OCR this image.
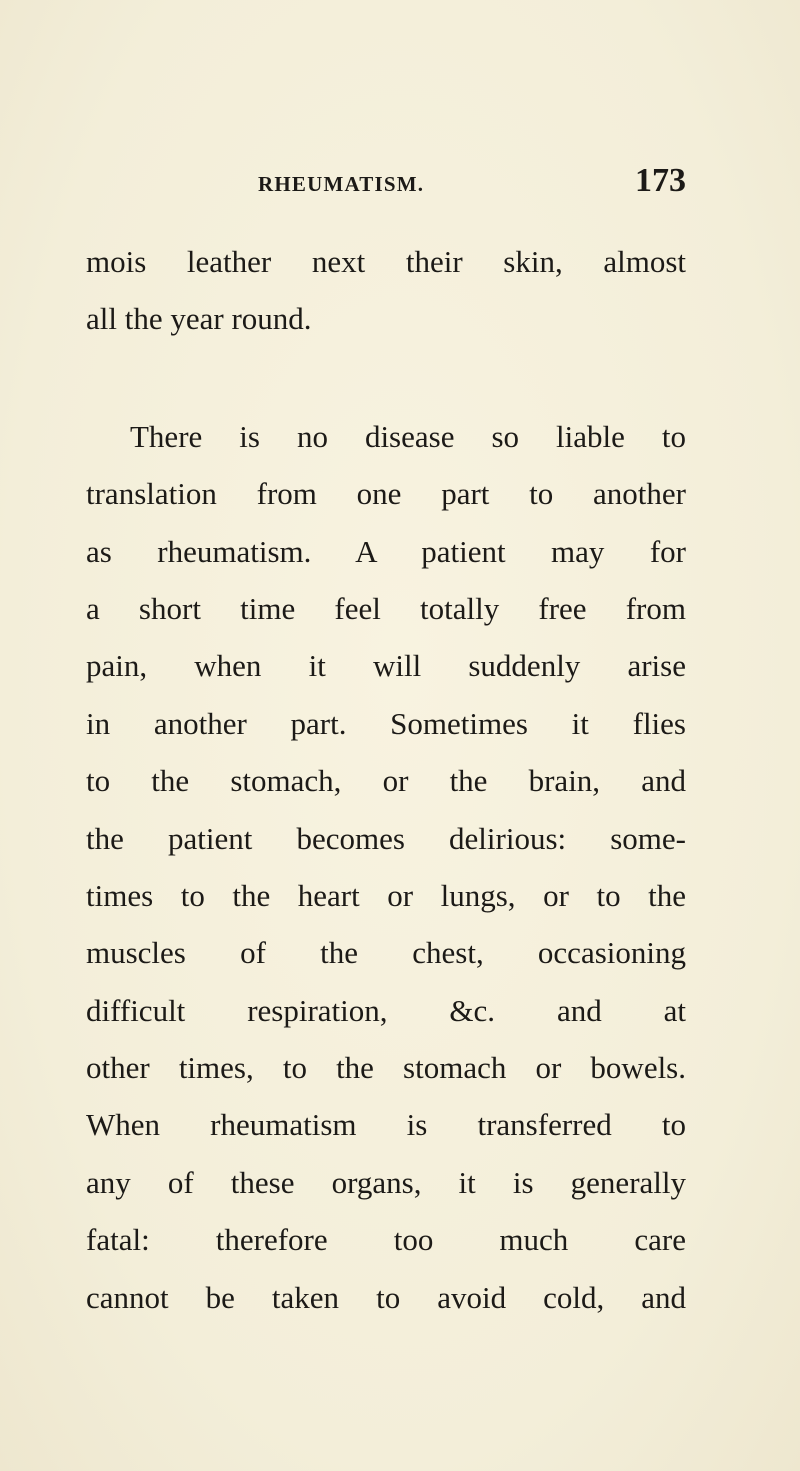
RHEUMATISM.	173
mois leather next their skin, almost
all the year round.
There is no disease so liable to
translation from one part to another
as rheumatism. A patient may for
a short time feel totally free from
pain, when it will suddenly arise
in another part. Sometimes it flies
to the stomach, or the brain, and
the patient becomes delirious: some-
times to the heart or lungs, or to the
muscles of the chest, occasioning
difficult respiration, &c. and at
other times, to the stomach or bowels.
When rheumatism is transferred to
any of these organs, it is generally
fatal: therefore too much care
cannot be taken to avoid cold, and
